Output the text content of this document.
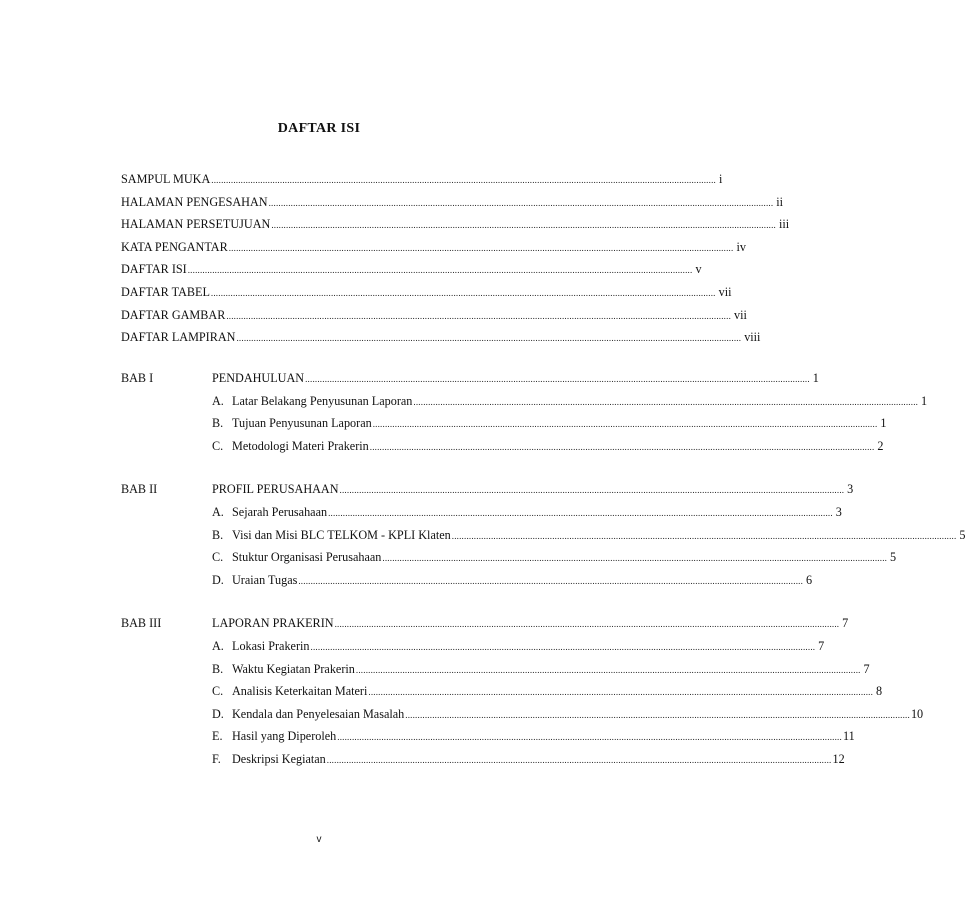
DAFTAR ISI
SAMPUL MUKA .....	i
HALAMAN PENGESAHAN .....	ii
HALAMAN PERSETUJUAN .....	iii
KATA PENGANTAR .....	iv
DAFTAR ISI .....	v
DAFTAR TABEL .....	vii
DAFTAR GAMBAR .....	vii
DAFTAR LAMPIRAN .....	viii
BAB I	PENDAHULUAN .....	1
A. Latar Belakang Penyusunan Laporan .....	1
B. Tujuan Penyusunan Laporan .....	1
C. Metodologi Materi Prakerin .....	2
BAB II	PROFIL PERUSAHAAN .....	3
A. Sejarah Perusahaan .....	3
B. Visi dan Misi BLC TELKOM - KPLI Klaten .....	5
C. Stuktur Organisasi Perusahaan .....	5
D. Uraian Tugas .....	6
BAB III	LAPORAN PRAKERIN .....	7
A. Lokasi Prakerin .....	7
B. Waktu Kegiatan Prakerin .....	7
C. Analisis Keterkaitan Materi .....	8
D. Kendala dan Penyelesaian Masalah .....	10
E. Hasil yang Diperoleh .....	11
F. Deskripsi Kegiatan .....	12
v
